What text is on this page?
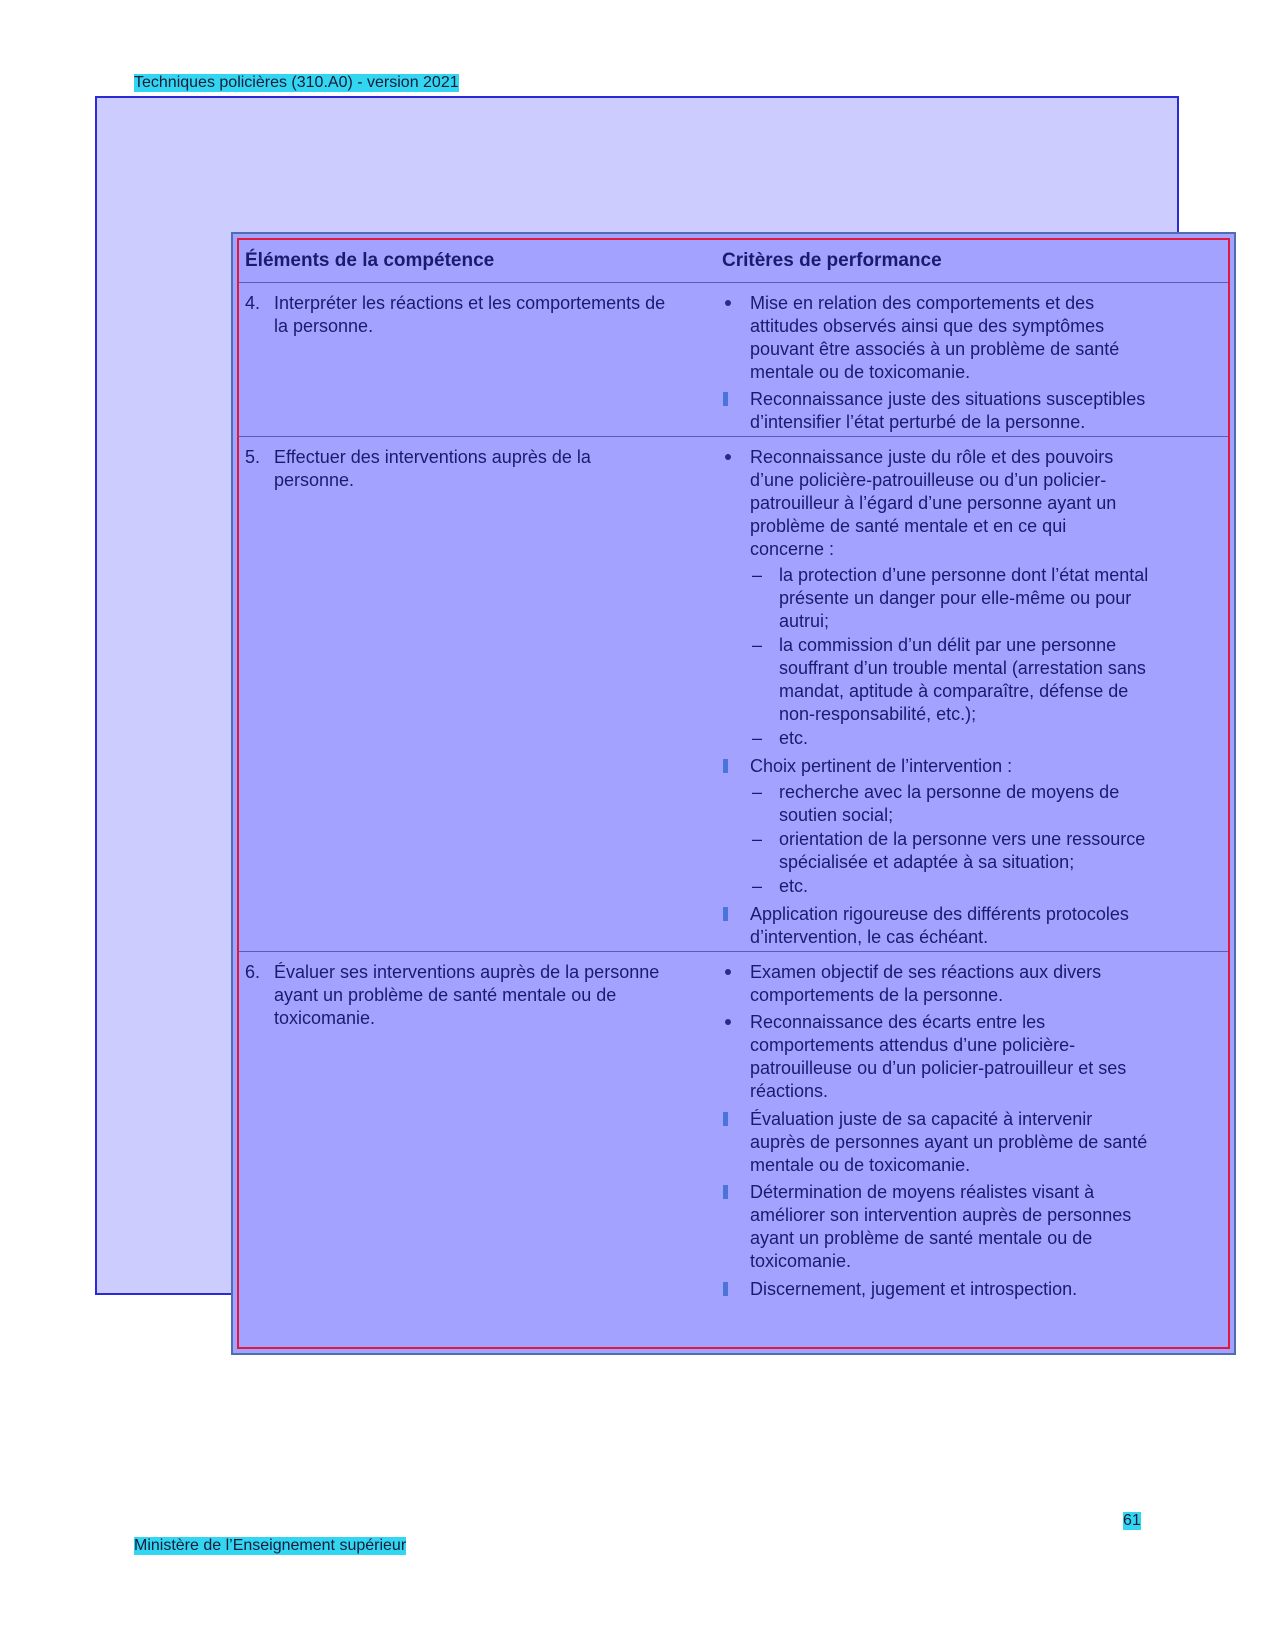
Techniques policières (310.A0) - version 2021
Éléments de la compétence	Critères de performance
4. Interpréter les réactions et les comportements de
la personne.
Mise en relation des comportements et des
attitudes observés ainsi que des symptômes
pouvant être associés à un problème de santé
mentale ou de toxicomanie.
Reconnaissance juste des situations susceptibles
d’intensifier l’état perturbé de la personne.
5. Effectuer des interventions auprès de la
personne.
Reconnaissance juste du rôle et des pouvoirs
d’une policière-patrouilleuse ou d’un policier-
patrouilleur à l’égard d’une personne ayant un
problème de santé mentale et en ce qui
concerne :
– la protection d’une personne dont l’état mental
présente un danger pour elle-même ou pour
autrui;
– la commission d’un délit par une personne
souffrant d’un trouble mental (arrestation sans
mandat, aptitude à comparaître, défense de
non-responsabilité, etc.);
– etc.
Choix pertinent de l’intervention :
– recherche avec la personne de moyens de
soutien social;
– orientation de la personne vers une ressource
spécialisée et adaptée à sa situation;
– etc.
Application rigoureuse des différents protocoles
d’intervention, le cas échéant.
6. Évaluer ses interventions auprès de la personne
ayant un problème de santé mentale ou de
toxicomanie.
Examen objectif de ses réactions aux divers
comportements de la personne.
Reconnaissance des écarts entre les
comportements attendus d’une policière-
patrouilleuse ou d’un policier-patrouilleur et ses
réactions.
Évaluation juste de sa capacité à intervenir
auprès de personnes ayant un problème de santé
mentale ou de toxicomanie.
Détermination de moyens réalistes visant à
améliorer son intervention auprès de personnes
ayant un problème de santé mentale ou de
toxicomanie.
Discernement, jugement et introspection.
61
Ministère de l’Enseignement supérieur
